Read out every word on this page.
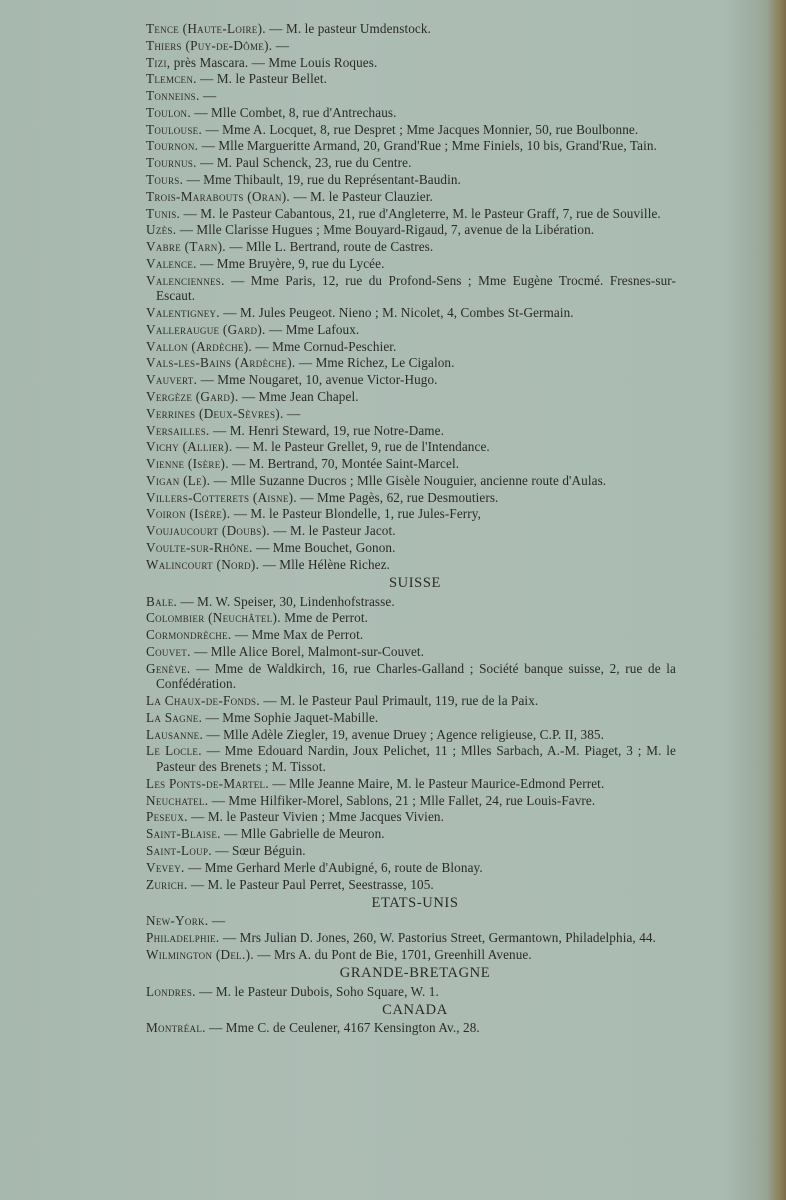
Tence (Haute-Loire). — M. le pasteur Umdenstock.

Thiers (Puy-de-Dôme). —

Tizi, près Mascara. — Mme Louis Roques.

Tlemcen. — M. le Pasteur Bellet.

Tonneins. —

Toulon. — Mlle Combet, 8, rue d'Antrechaus.

Toulouse. — Mme A. Locquet, 8, rue Despret ; Mme Jacques Monnier, 50, rue Boulbonne.

Tournon. — Mlle Margueritte Armand, 20, Grand'Rue ; Mme Finiels, 10 bis, Grand'Rue, Tain.

Tournus. — M. Paul Schenck, 23, rue du Centre.

Tours. — Mme Thibault, 19, rue du Représentant-Baudin.

Trois-Marabouts (Oran). — M. le Pasteur Clauzier.

Tunis. — M. le Pasteur Cabantous, 21, rue d'Angleterre, M. le Pasteur Graff, 7, rue de Souville.

Uzès. — Mlle Clarisse Hugues ; Mme Bouyard-Rigaud, 7, avenue de la Libération.

Vabre (Tarn). — Mlle L. Bertrand, route de Castres.

Valence. — Mme Bruyère, 9, rue du Lycée.

Valenciennes. — Mme Paris, 12, rue du Profond-Sens ; Mme Eugène Trocmé. Fresnes-sur-Escaut.

Valentigney. — M. Jules Peugeot. Nieno ; M. Nicolet, 4, Combes St-Germain.

Valleraugue (Gard). — Mme Lafoux.

Vallon (Ardèche). — Mme Cornud-Peschier.

Vals-les-Bains (Ardèche). — Mme Richez, Le Cigalon.

Vauvert. — Mme Nougaret, 10, avenue Victor-Hugo.

Vergèze (Gard). — Mme Jean Chapel.

Verrines (Deux-Sèvres). —

Versailles. — M. Henri Steward, 19, rue Notre-Dame.

Vichy (Allier). — M. le Pasteur Grellet, 9, rue de l'Intendance.

Vienne (Isère). — M. Bertrand, 70, Montée Saint-Marcel.

Vigan (Le). — Mlle Suzanne Ducros ; Mlle Gisèle Nouguier, ancienne route d'Aulas.

Villers-Cotterets (Aisne). — Mme Pagès, 62, rue Desmoutiers.

Voiron (Isère). — M. le Pasteur Blondelle, 1, rue Jules-Ferry,

Voujaucourt (Doubs). — M. le Pasteur Jacot.

Voulte-sur-Rhône. — Mme Bouchet, Gonon.

Walincourt (Nord). — Mlle Hélène Richez.

SUISSE

Bale. — M. W. Speiser, 30, Lindenhofstrasse.

Colombier (Neuchâtel). Mme de Perrot.

Cormondrèche. — Mme Max de Perrot.

Couvet. — Mlle Alice Borel, Malmont-sur-Couvet.

Genève. — Mme de Waldkirch, 16, rue Charles-Galland ; Société banque suisse, 2, rue de la Confédération.

La Chaux-de-Fonds. — M. le Pasteur Paul Primault, 119, rue de la Paix.

La Sagne. — Mme Sophie Jaquet-Mabille.

Lausanne. — Mlle Adèle Ziegler, 19, avenue Druey ; Agence religieuse, C.P. II, 385.

Le Locle. — Mme Edouard Nardin, Joux Pelichet, 11 ; Mlles Sarbach, A.-M. Piaget, 3 ; M. le Pasteur des Brenets ; M. Tissot.

Les Ponts-de-Martel. — Mlle Jeanne Maire, M. le Pasteur Maurice-Edmond Perret.

Neuchatel. — Mme Hilfiker-Morel, Sablons, 21 ; Mlle Fallet, 24, rue Louis-Favre.

Peseux. — M. le Pasteur Vivien ; Mme Jacques Vivien.

Saint-Blaise. — Mlle Gabrielle de Meuron.

Saint-Loup. — Sœur Béguin.

Vevey. — Mme Gerhard Merle d'Aubigné, 6, route de Blonay.

Zurich. — M. le Pasteur Paul Perret, Seestrasse, 105.

ETATS-UNIS

New-York. —

Philadelphie. — Mrs Julian D. Jones, 260, W. Pastorius Street, Germantown, Philadelphia, 44.

Wilmington (Del.). — Mrs A. du Pont de Bie, 1701, Greenhill Avenue.

GRANDE-BRETAGNE

Londres. — M. le Pasteur Dubois, Soho Square, W. 1.

CANADA

Montréal. — Mme C. de Ceulener, 4167 Kensington Av., 28.
